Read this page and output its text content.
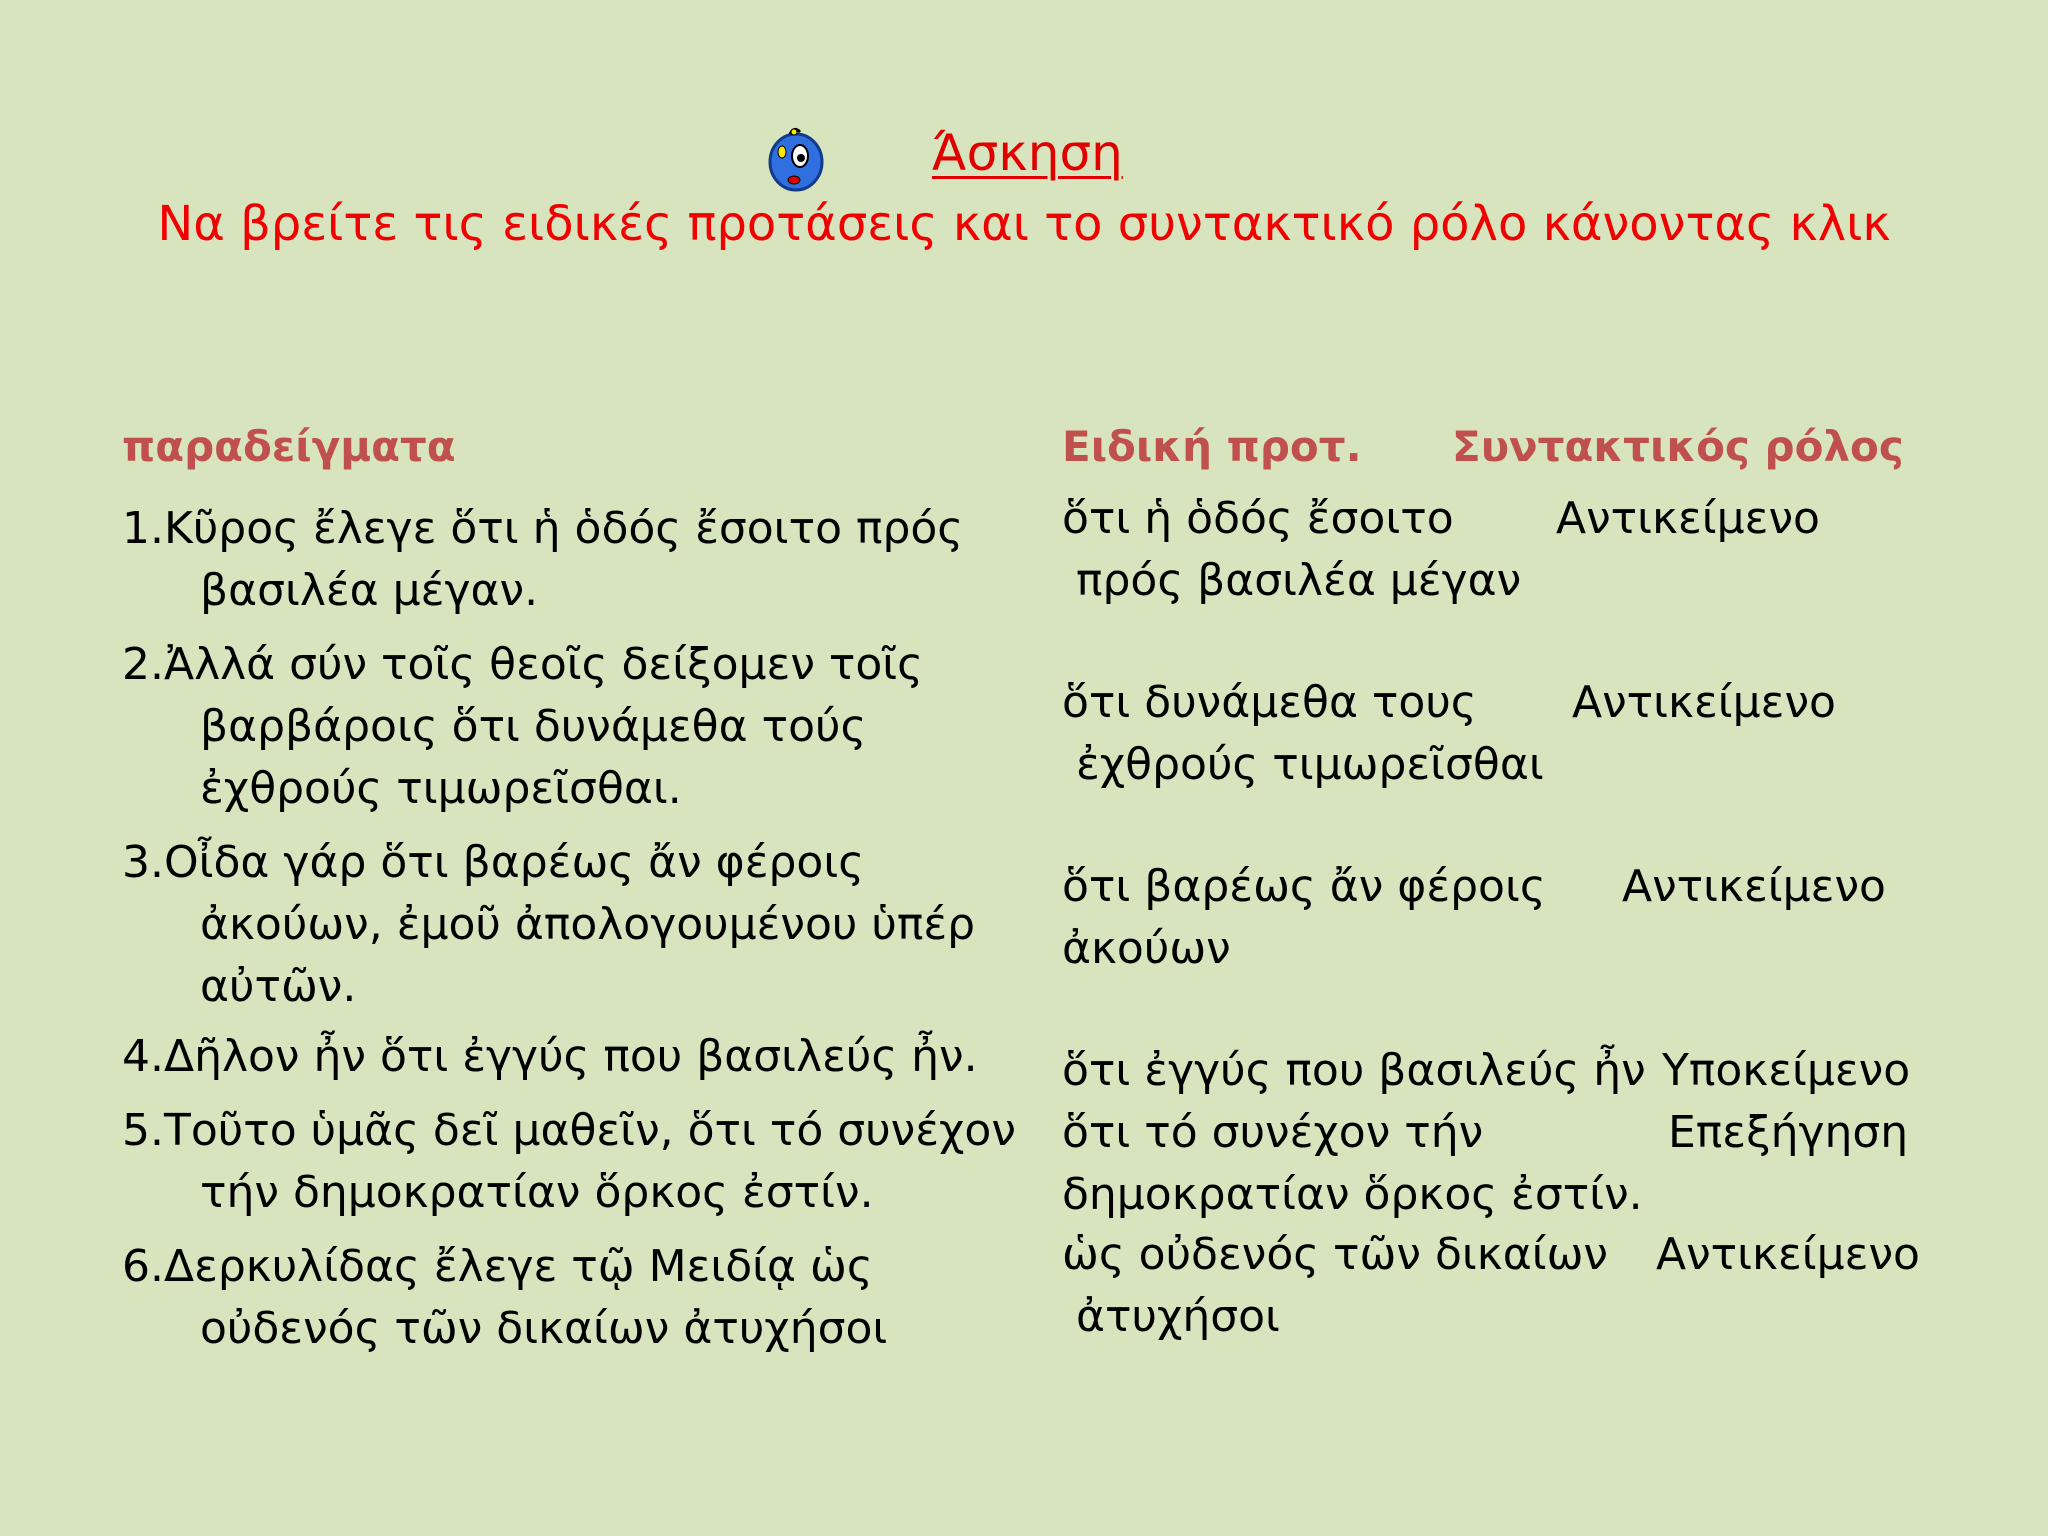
Άσκηση
Να βρείτε τις ειδικές προτάσεις και το συντακτικό ρόλο κάνοντας κλικ
παραδείγματα	Ειδική προτ. Συντακτικός ρόλος
1.Κῦρος ἔλεγε ὅτι ἡ ὁδός ἔσοιτο πρός
βασιλέα μέγαν.
2.Ἀλλά σύν τοῖς θεοῖς δείξομεν τοῖς
βαρβάροις ὅτι δυνάμεθα τούς
ἐχθρούς τιμωρεῖσθαι.
3.Οἶδα γάρ ὅτι βαρέως ἄν φέροις
ἀκούων, ἐμοῦ ἀπολογουμένου ὑπέρ
αὐτῶν.
4.Δῆλον ἦν ὅτι ἐγγύς που βασιλεύς ἦν.
5.Τοῦτο ὑμᾶς δεῖ μαθεῖν, ὅτι τό συνέχον
τήν δημοκρατίαν ὅρκος ἐστίν.
6.Δερκυλίδας ἔλεγε τῷ Μειδίᾳ ὡς
οὐδενός τῶν δικαίων ἀτυχήσοι
ὅτι ἡ ὁδός ἔσοιτο
πρός βασιλέα μέγαν
Αντικείμενο
ὅτι δυνάμεθα τους
ἐχθρούς τιμωρεῖσθαι
Αντικείμενο
ὅτι βαρέως ἄν φέροις
ἀκούων
Αντικείμενο
ὅτι ἐγγύς που βασιλεύς ἦν Υποκείμενο
ὅτι τό συνέχον τήν
δημοκρατίαν ὅρκος ἐστίν.
Επεξήγηση
ὡς οὐδενός τῶν δικαίων
ἀτυχήσοι
Αντικείμενο
